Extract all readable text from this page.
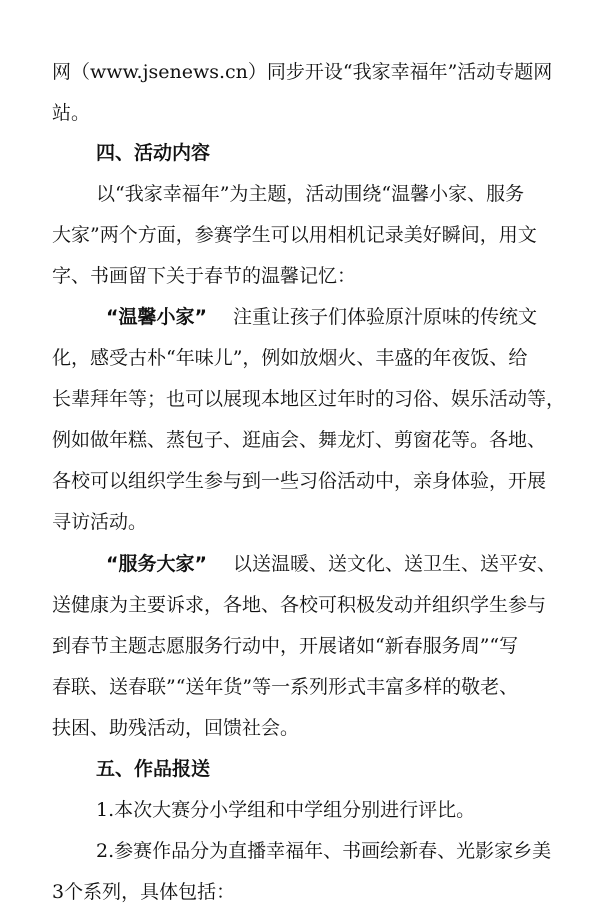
网（www.jsenews.cn）同步开设“我家幸福年”活动专题网
站。
四、活动内容
以“我家幸福年”为主题，活动围绕“温馨小家、服务
大家”两个方面，参赛学生可以用相机记录美好瞬间，用文
字、书画留下关于春节的温馨记忆：
“温馨小家” 注重让孩子们体验原汁原味的传统文
化，感受古朴“年味儿”，例如放烟火、丰盛的年夜饭、给
长辈拜年等；也可以展现本地区过年时的习俗、娱乐活动等，
例如做年糕、蒸包子、逛庙会、舞龙灯、剪窗花等。各地、
各校可以组织学生参与到一些习俗活动中，亲身体验，开展
寻访活动。
“服务大家” 以送温暖、送文化、送卫生、送平安、
送健康为主要诉求，各地、各校可积极发动并组织学生参与
到春节主题志愿服务行动中，开展诸如“新春服务周”“写
春联、送春联”“送年货”等一系列形式丰富多样的敬老、
扶困、助残活动，回馈社会。
五、作品报送
1.本次大赛分小学组和中学组分别进行评比。
2.参赛作品分为直播幸福年、书画绘新春、光影家乡美
3个系列，具体包括：
